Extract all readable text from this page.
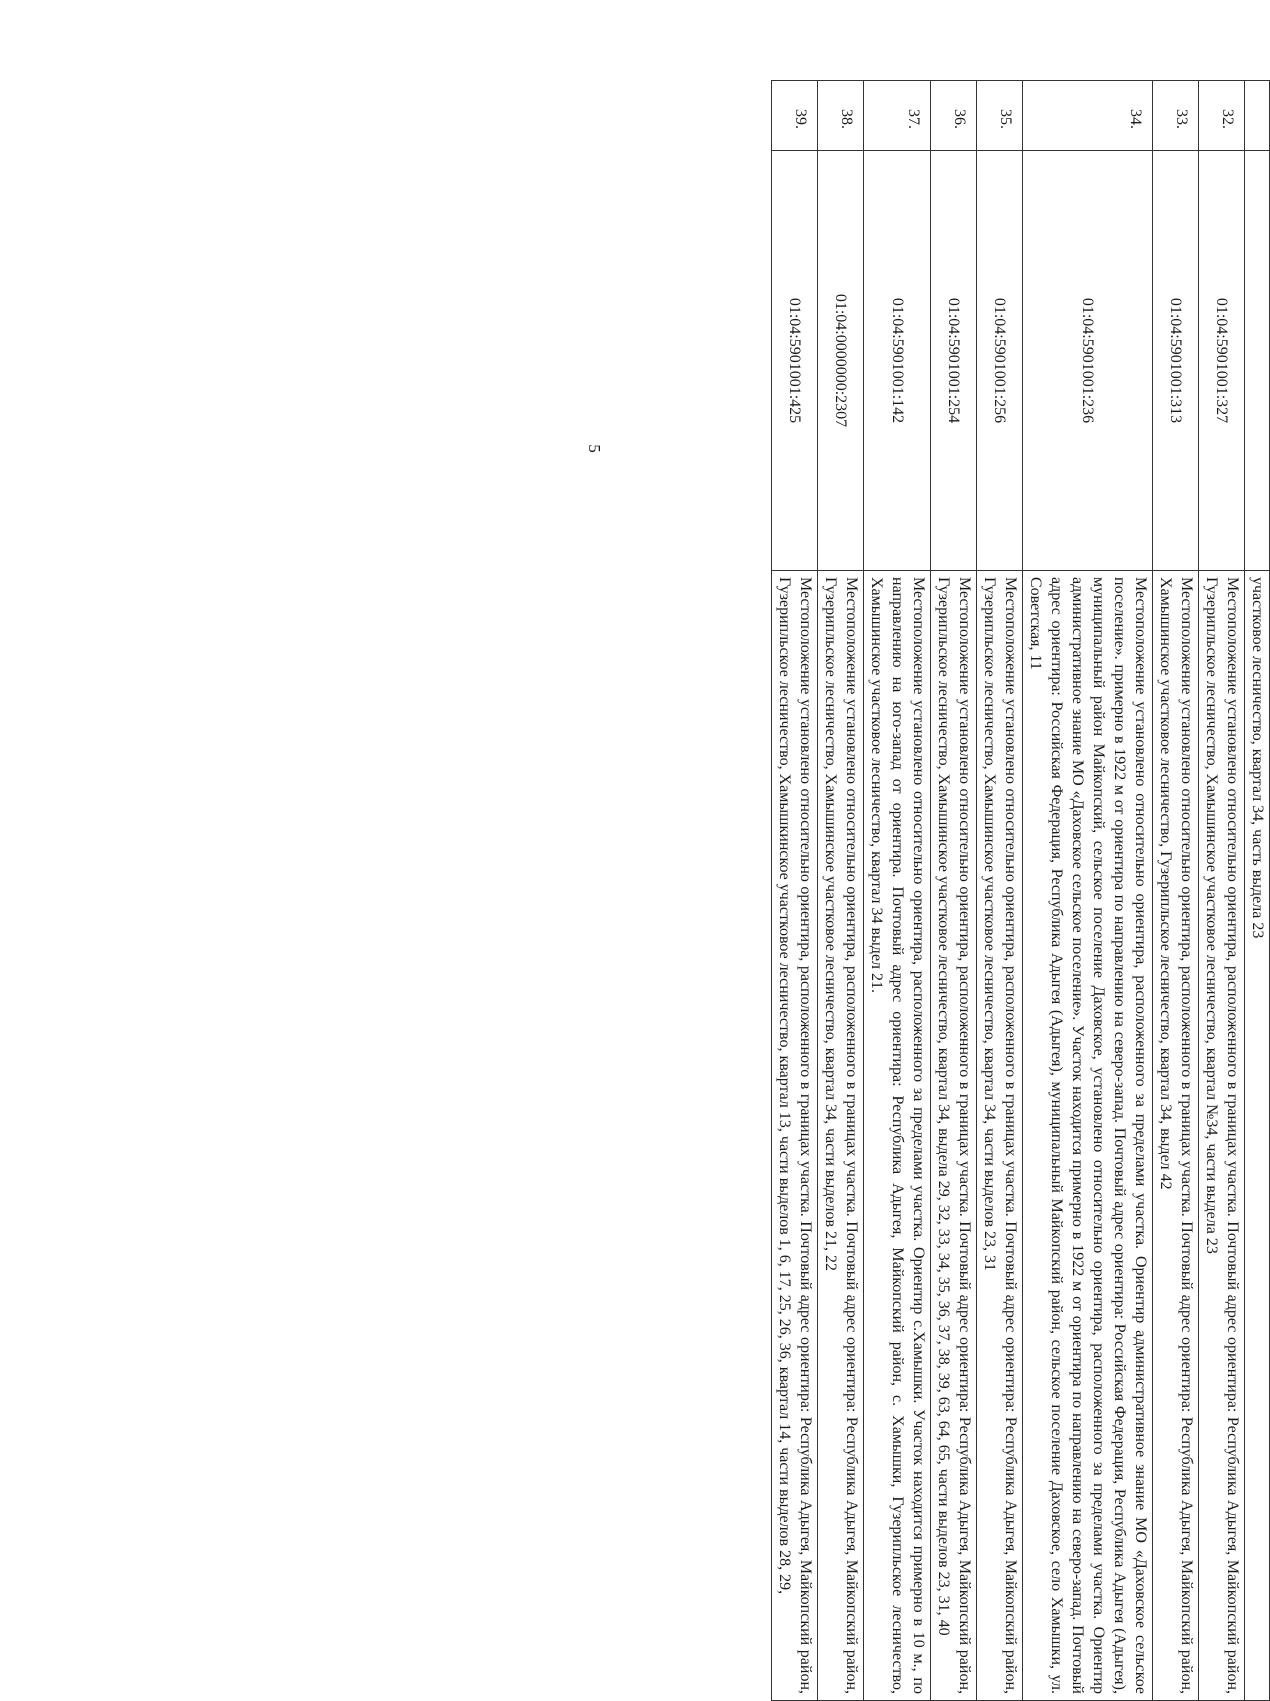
5
		участковое лесничество, квартал 34, часть выдела 23
32.	01:04:5901001:327	Местоположение установлено относительно ориентира, расположенного в границах участка. Почтовый адрес ориентира: Республика Адыгея, Майкопский район, Гузерипльское лесничество, Хамышинское участковое лесничество, квартал №34, части выдела 23
33.	01:04:5901001:313	Местоположение установлено относительно ориентира, расположенного в границах участка. Почтовый адрес ориентира: Республика Адыгея, Майкопский район, Хамышинское участковое лесничество, Гузерипльское лесничество, квартал 34, выдел 42
34.	01:04:5901001:236	Местоположение установлено относительно ориентира, расположенного за пределами участка. Ориентир административное знание МО «Даховское сельское поселение». примерно в 1922 м от ориентира по направлению на северо-запад. Почтовый адрес ориентира: Российская Федерация, Республика Адыгея (Адыгея), муниципальный район Майкопский, сельское поселение Даховское, установлено относительно ориентира, расположенного за пределами участка. Ориентир административное знание МО «Даховское сельское поселение». Участок находится примерно в 1922 м от ориентира по направлению на северо-запад. Почтовый адрес ориентира: Российская Федерация, Республика Адыгея (Адыгея), муниципальный Майкопский район, сельское поселение Даховское, село Хамышки, ул. Советская, 11
35.	01:04:5901001:256	Местоположение установлено относительно ориентира, расположенного в границах участка. Почтовый адрес ориентира: Республика Адыгея, Майкопский район, Гузерипльское лесничество, Хамышинское участковое лесничество, квартал 34, части выделов 23, 31
36.	01:04:5901001:254	Местоположение установлено относительно ориентира, расположенного в границах участка. Почтовый адрес ориентира: Республика Адыгея, Майкопский район, Гузерипльское лесничество, Хамышинское участковое лесничество, квартал 34, выдела 29, 32, 33, 34, 35, 36, 37, 38, 39, 63, 64, 65, части выделов 23, 31, 40
37.	01:04:5901001:142	Местоположение установлено относительно ориентира, расположенного за пределами участка. Ориентир с.Хамышки. Участок находится примерно в 10 м., по направлению на юго-запад от ориентира. Почтовый адрес ориентира: Республика Адыгея, Майкопский район, с. Хамышки, Гузерипльское лесничество, Хамышинское участковое лесничество, квартал 34 выдел 21.
38.	01:04:0000000:2307	Местоположение установлено относительно ориентира, расположенного в границах участка. Почтовый адрес ориентира: Республика Адыгея, Майкопский район, Гузерипльское лесничество, Хамышинское участковое лесничество, квартал 34, части выделов 21, 22
39.	01:04:5901001:425	Местоположение установлено относительно ориентира, расположенного в границах участка. Почтовый адрес ориентира: Республика Адыгея, Майкопский район, Гузерипльское лесничество, Хамышкинское участковое лесничество, квартал 13, части выделов 1, 6, 17, 25, 26, 36, квартал 14, части выделов 28, 29,
